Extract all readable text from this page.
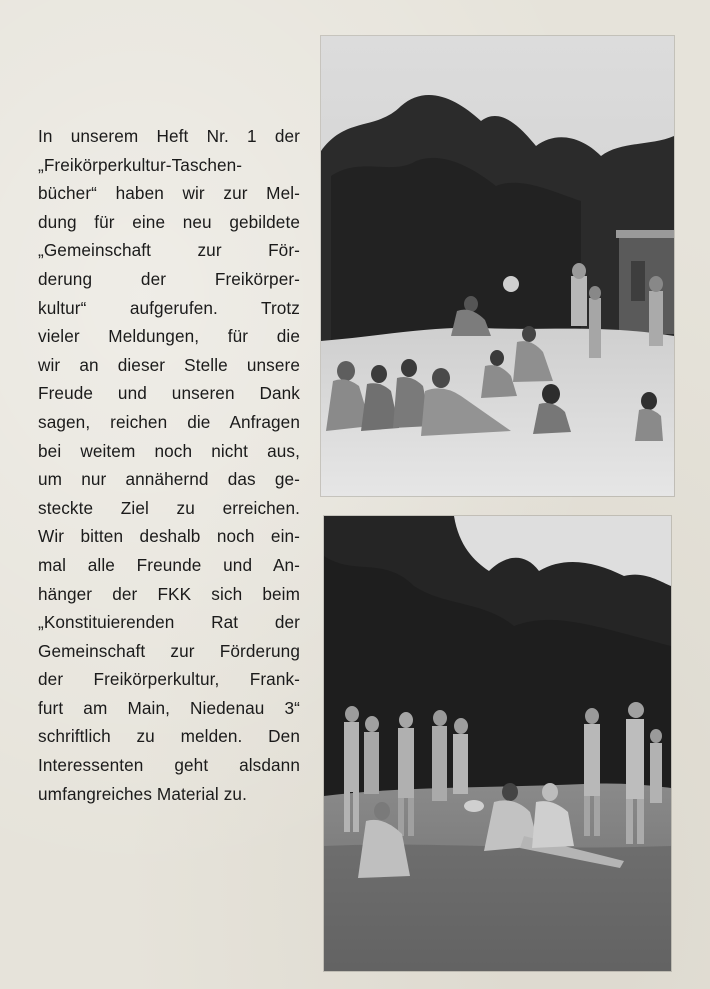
In unserem Heft Nr. 1 der
„Freikörperkultur-Taschen-
bücher“ haben wir zur Mel-
dung für eine neu gebildete
„Gemeinschaft zur För-
derung der Freikörper-
kultur“ aufgerufen. Trotz
vieler Meldungen, für die
wir an dieser Stelle unsere
Freude und unseren Dank
sagen, reichen die Anfragen
bei weitem noch nicht aus,
um nur annähernd das ge-
steckte Ziel zu erreichen.
Wir bitten deshalb noch ein-
mal alle Freunde und An-
hänger der FKK sich beim
„Konstituierenden Rat der
Gemeinschaft zur Förderung
der Freikörperkultur, Frank-
furt am Main, Niedenau 3“
schriftlich zu melden. Den
Interessenten geht alsdann
umfangreiches Material zu.
